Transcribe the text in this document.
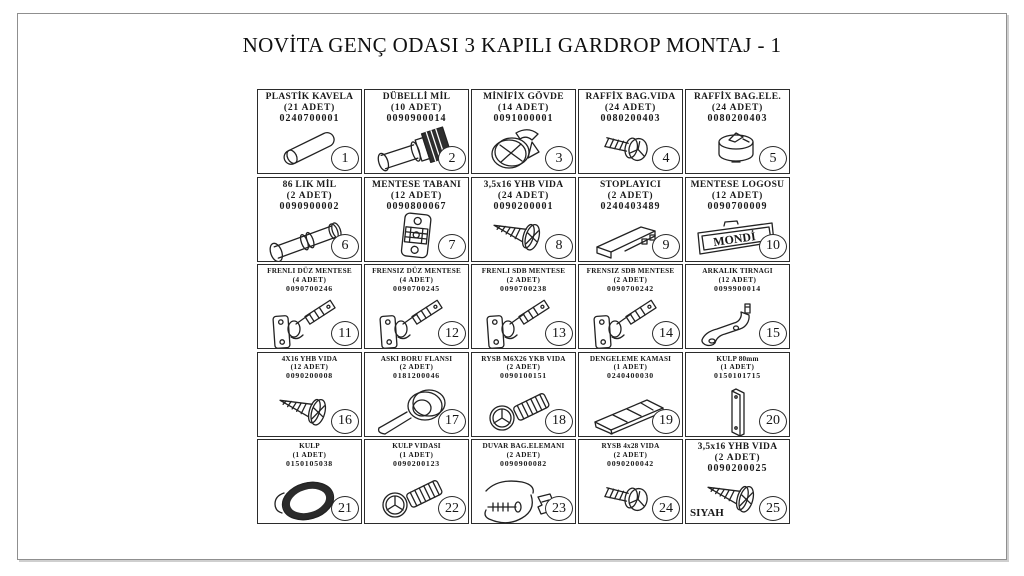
NOVİTA GENÇ ODASI 3 KAPILI GARDROP MONTAJ - 1
PLASTİK KAVELA
(21 ADET)
0240700001
1
DÜBELLİ MİL
(10 ADET)
0090900014
2
MİNİFİX GÖVDE
(14 ADET)
0091000001
3
RAFFİX BAG.VIDA
(24 ADET)
0080200403
4
RAFFİX BAG.ELE.
(24 ADET)
0080200403
5
86 LIK MİL
(2 ADET)
0090900002
6
MENTESE TABANI
(12 ADET)
0090800067
7
3,5x16 YHB VIDA
(24 ADET)
0090200001
8
STOPLAYICI
(2 ADET)
0240403489
9
MENTESE LOGOSU
(12 ADET)
0090700009
MONDİ 10
FRENLI DÜZ MENTESE
(4 ADET)
0090700246
11
FRENSIZ DÜZ MENTESE
(4 ADET)
0090700245
12
FRENLI SDB MENTESE
(2 ADET)
0090700238
13
FRENSIZ SDB MENTESE
(2 ADET)
0090700242
14
ARKALIK TIRNAGI
(12 ADET)
0099900014
15
4X16 YHB VIDA
(12 ADET)
0090200008
16
ASKI BORU FLANSI
(2 ADET)
0181200046
17
RYSB M6X26 YKB VIDA
(2 ADET)
0090100151
18
DENGELEME KAMASI
(1 ADET)
0240400030
19
KULP 80mm
(1 ADET)
0150101715
20
KULP
(1 ADET)
0150105038
21
KULP VIDASI
(1 ADET)
0090200123
22
DUVAR BAG.ELEMANI
(2 ADET)
0090900082
23
RYSB 4x28 VIDA
(2 ADET)
0090200042
24
3,5x16 YHB VIDA
(2 ADET)
0090200025
SIYAH	25
